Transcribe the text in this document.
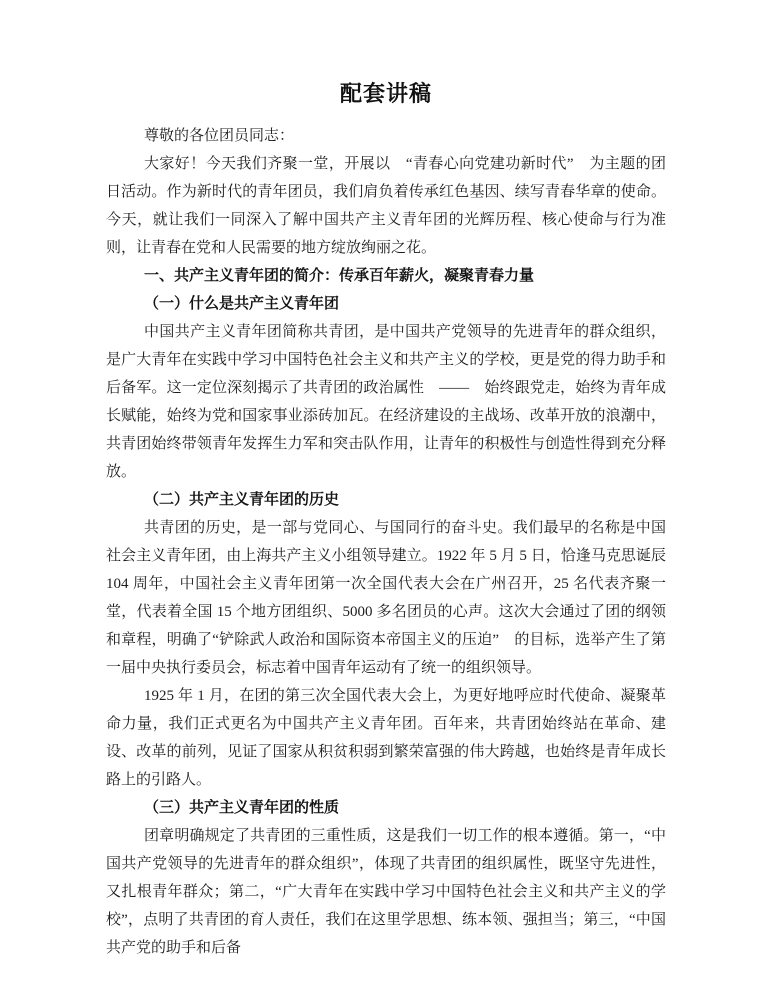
配套讲稿

尊敬的各位团员同志：

大家好！今天我们齐聚一堂，开展以　“青春心向党建功新时代”　为主题的团日活动。作为新时代的青年团员，我们肩负着传承红色基因、续写青春华章的使命。今天，就让我们一同深入了解中国共产主义青年团的光辉历程、核心使命与行为准则，让青春在党和人民需要的地方绽放绚丽之花。

一、共产主义青年团的简介：传承百年薪火，凝聚青春力量

（一）什么是共产主义青年团

中国共产主义青年团简称共青团，是中国共产党领导的先进青年的群众组织，是广大青年在实践中学习中国特色社会主义和共产主义的学校，更是党的得力助手和后备军。这一定位深刻揭示了共青团的政治属性　——　始终跟党走，始终为青年成长赋能，始终为党和国家事业添砖加瓦。在经济建设的主战场、改革开放的浪潮中，共青团始终带领青年发挥生力军和突击队作用，让青年的积极性与创造性得到充分释放。

（二）共产主义青年团的历史

共青团的历史，是一部与党同心、与国同行的奋斗史。我们最早的名称是中国社会主义青年团，由上海共产主义小组领导建立。1922 年 5 月 5 日，恰逢马克思诞辰 104 周年，中国社会主义青年团第一次全国代表大会在广州召开，25 名代表齐聚一堂，代表着全国 15 个地方团组织、5000 多名团员的心声。这次大会通过了团的纲领和章程，明确了“铲除武人政治和国际资本帝国主义的压迫”　的目标，选举产生了第一届中央执行委员会，标志着中国青年运动有了统一的组织领导。

1925 年 1 月，在团的第三次全国代表大会上，为更好地呼应时代使命、凝聚革命力量，我们正式更名为中国共产主义青年团。百年来，共青团始终站在革命、建设、改革的前列，见证了国家从积贫积弱到繁荣富强的伟大跨越，也始终是青年成长路上的引路人。

（三）共产主义青年团的性质

团章明确规定了共青团的三重性质，这是我们一切工作的根本遵循。第一，“中国共产党领导的先进青年的群众组织”，体现了共青团的组织属性，既坚守先进性，又扎根青年群众；第二，“广大青年在实践中学习中国特色社会主义和共产主义的学校”，点明了共青团的育人责任，我们在这里学思想、练本领、强担当；第三，“中国共产党的助手和后备
